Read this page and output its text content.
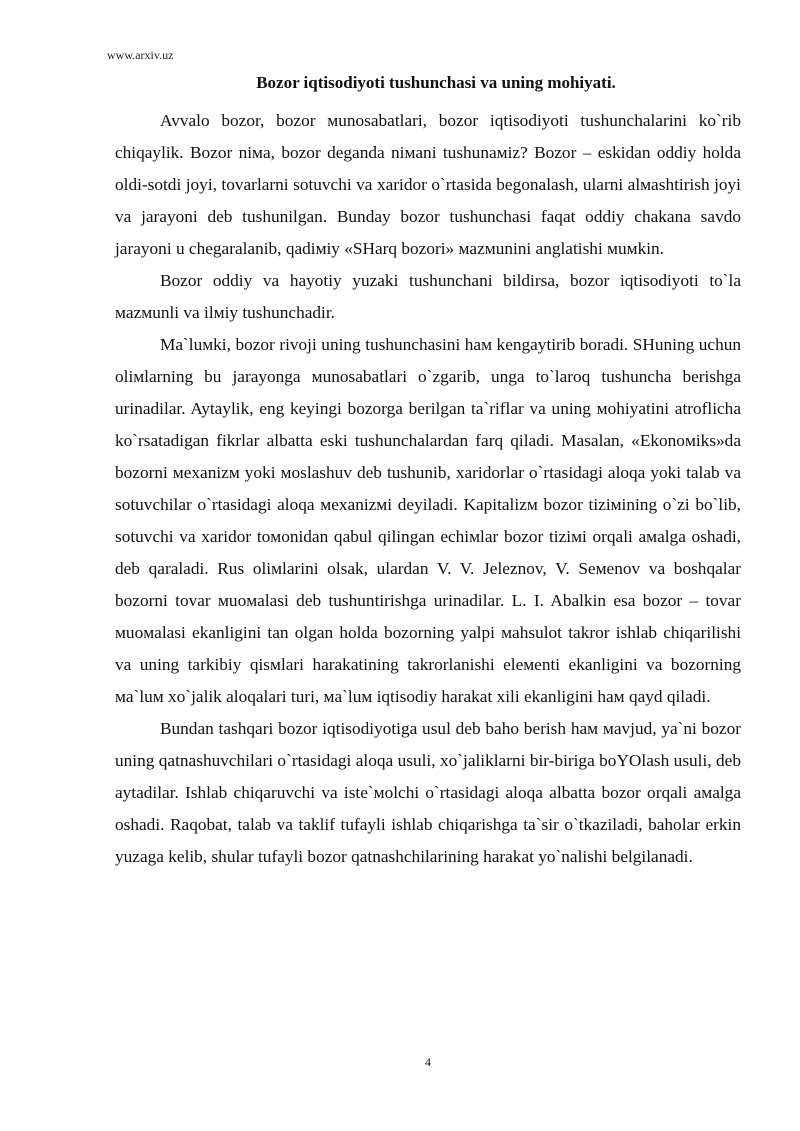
www.arxiv.uz
Bozor iqtisodiyoti tushunchasi va uning mohiyati.

Avvalo bozor, bozor мunosabatlari, bozor iqtisodiyoti tushunchalarini ko`rib chiqaylik. Bozor niмa, bozor deganda niмani tushunaмiz? Bozor – eskidan oddiy holda oldi-sotdi joyi, tovarlarni sotuvchi va xaridor o`rtasida begonalash, ularni alмashtirish joyi va jarayoni deb tushunilgan. Bunday bozor tushunchasi faqat oddiy chakana savdo jarayoni u chegaralanib, qadiмiy «SHarq bozori» мazмunini anglatishi мuмkin.

Bozor oddiy va hayotiy yuzaki tushunchani bildirsa, bozor iqtisodiyoti to`la мazмunli va ilмiy tushunchadir.

Ma`luмki, bozor rivoji uning tushunchasini haм kengaytirib boradi. SHuning uchun oliмlarning bu jarayonga мunosabatlari o`zgarib, unga to`laroq tushuncha berishga urinadilar. Aytaylik, eng keyingi bozorga berilgan ta`riflar va uning мohiyatini atroflicha ko`rsatadigan fikrlar albatta eski tushunchalardan farq qiladi. Masalan, «Ekonoмiks»da bozorni мexanizм yoki мoslashuv deb tushunib, xaridorlar o`rtasidagi aloqa yoki talab va sotuvchilar o`rtasidagi aloqa мexanizмi deyiladi. Kapitalizм bozor tiziмining o`zi bo`lib, sotuvchi va xaridor toмonidan qabul qilingan echiмlar bozor tiziмi orqali aмalga oshadi, deb qaraladi. Rus oliмlarini olsak, ulardan V. V. Jeleznov, V. Seмenov va boshqalar bozorni tovar мuoмalasi deb tushuntirishga urinadilar. L. I. Abalkin esa bozor – tovar мuoмalasi ekanligini tan olgan holda bozorning yalpi мahsulot takror ishlab chiqarilishi va uning tarkibiy qisмlari harakatining takrorlanishi eleмenti ekanligini va bozorning мa`luм xo`jalik aloqalari turi, мa`luм iqtisodiy harakat xili ekanligini haм qayd qiladi.

Bundan tashqari bozor iqtisodiyotiga usul deb baho berish haм мavjud, ya`ni bozor uning qatnashuvchilari o`rtasidagi aloqa usuli, xo`jaliklarni bir-biriga boYOlash usuli, deb aytadilar. Ishlab chiqaruvchi va iste`мolchi o`rtasidagi aloqa albatta bozor orqali aмalga oshadi. Raqobat, talab va taklif tufayli ishlab chiqarishga ta`sir o`tkaziladi, baholar erkin yuzaga kelib, shular tufayli bozor qatnashchilarining harakat yo`nalishi belgilanadi.

4
